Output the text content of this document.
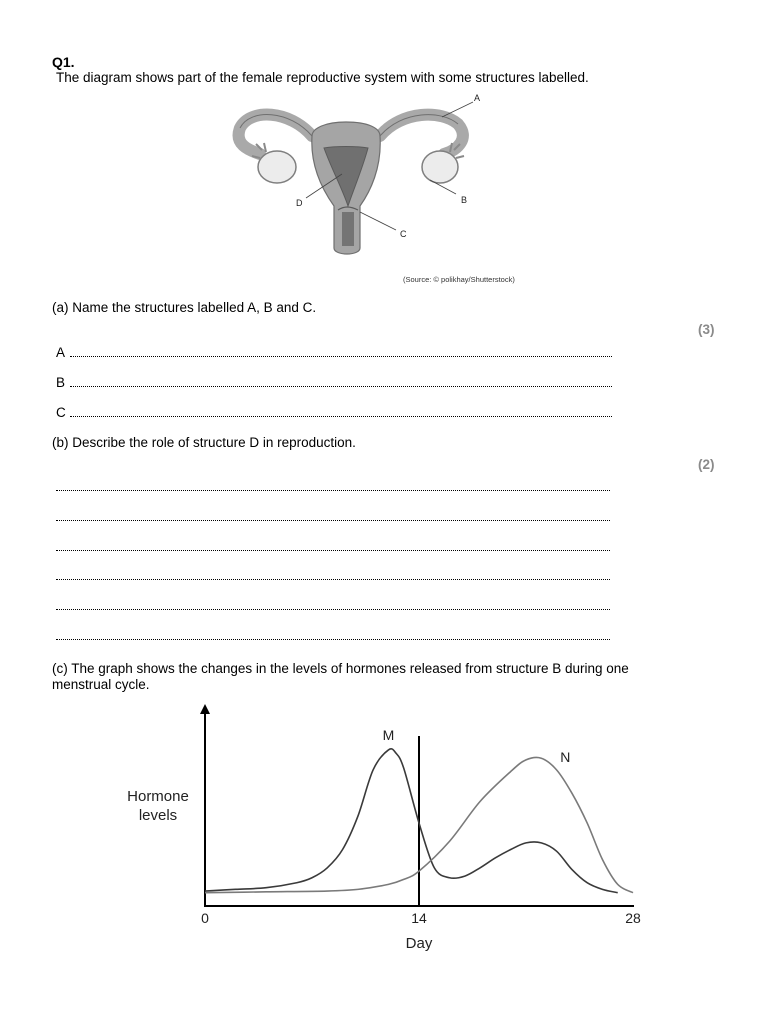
Q1.
The diagram shows part of the female reproductive system with some structures labelled.
A
B
C
D
(Source: © polikhay/Shutterstock)
(a) Name the structures labelled A, B and C.
(3)
A
B
C
(b) Describe the role of structure D in reproduction.
(2)
(c) The graph shows the changes in the levels of hormones released from structure B during one
menstrual cycle.
Hormone
levels
Day
M
N
0	14	28
